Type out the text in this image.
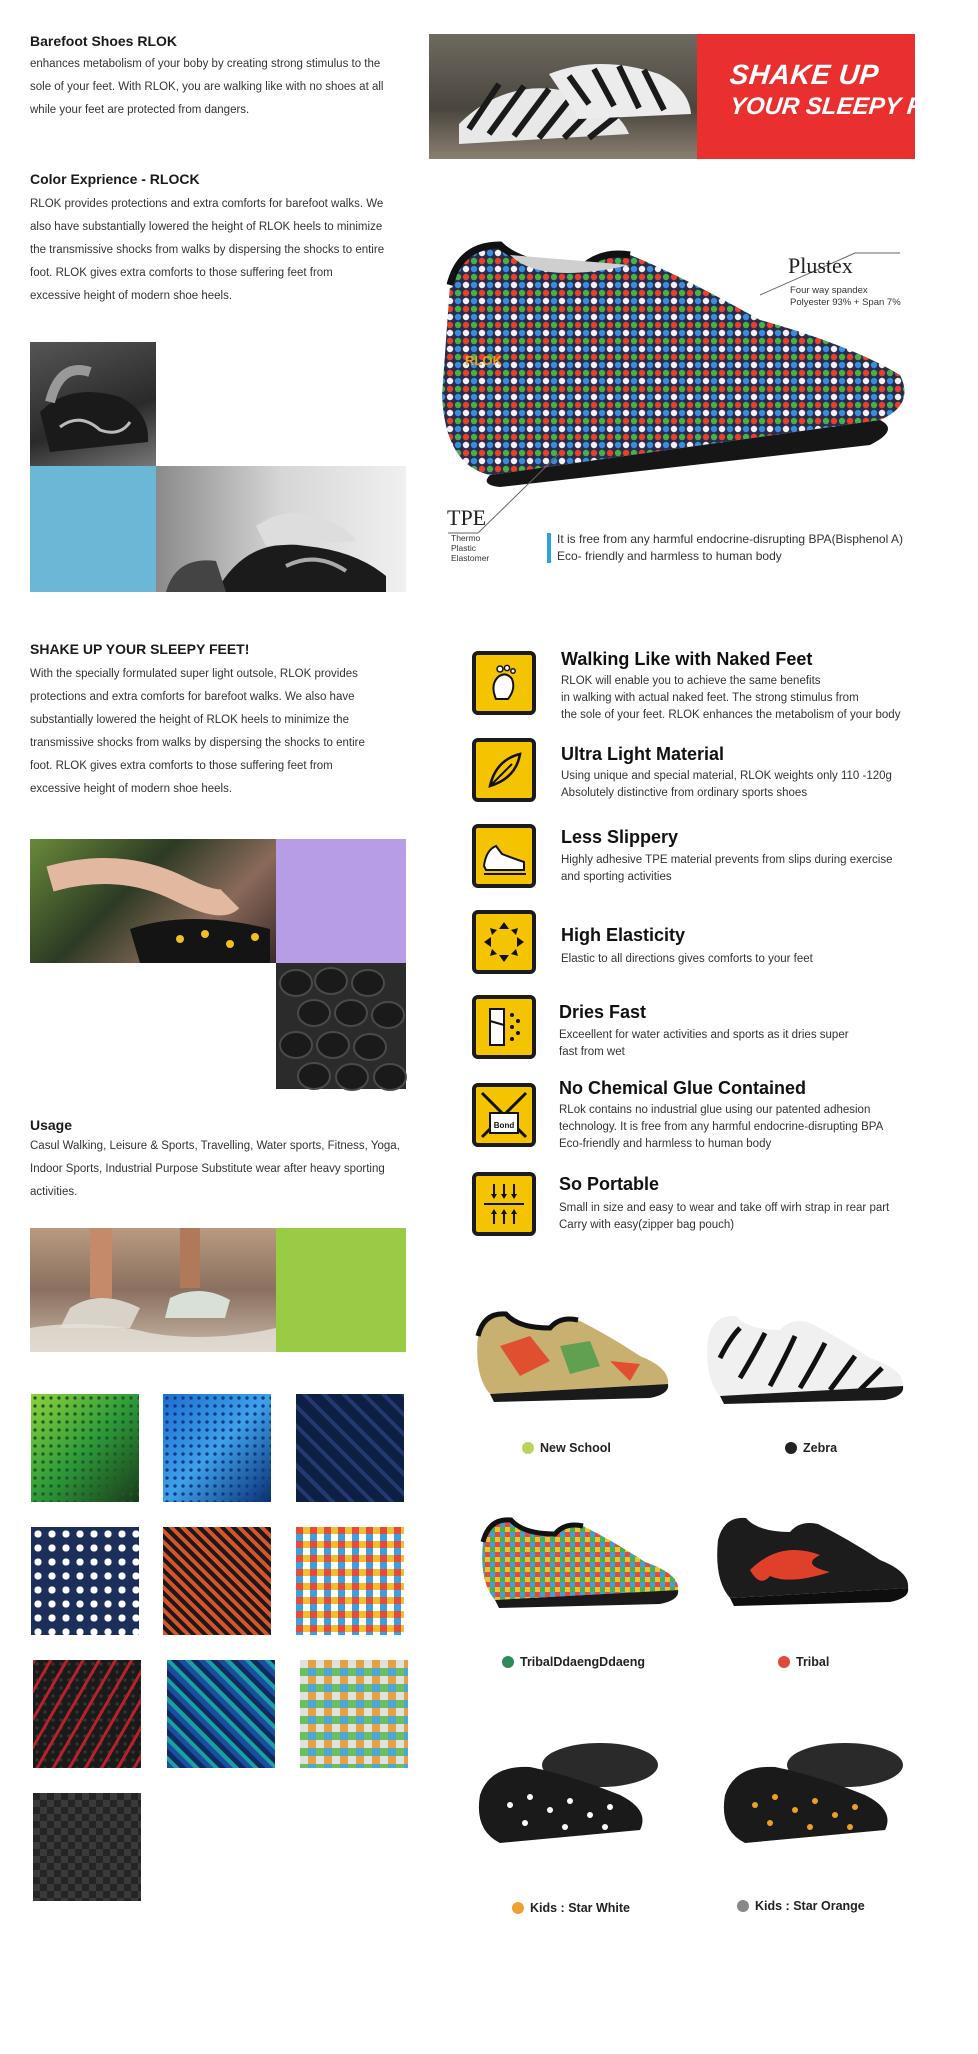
Barefoot Shoes RLOK
enhances metabolism of your boby by creating strong stimulus to the sole of your feet. With RLOK, you are walking like with no shoes at all while your feet are protected from dangers.
Color Exprience - RLOCK
RLOK provides protections and extra comforts for barefoot walks. We also have substantially lowered the height of RLOK heels to minimize the transmissive shocks from walks by dispersing the shocks to entire foot. RLOK gives extra comforts to those suffering feet from excessive height of modern shoe heels.
SHAKE UP YOUR SLEEPY FEET!
With the specially formulated super light outsole, RLOK provides protections and extra comforts for barefoot walks. We also have substantially lowered the height of RLOK heels to minimize the transmissive shocks from walks by dispersing the shocks to entire foot. RLOK gives extra comforts to those suffering feet from excessive height of modern shoe heels.
Usage
Casul Walking, Leisure & Sports, Travelling, Water sports, Fitness, Yoga, Indoor Sports, Industrial Purpose Substitute wear after heavy sporting activities.
SHAKE UP
YOUR SLEEPY FEET!
RLOK
Plustex
Four way spandex
Polyester 93% + Span 7%
TPE
Thermo
Plastic
Elastomer
It is free from any harmful endocrine-disrupting BPA(Bisphenol A)
Eco- friendly and harmless to human body
Walking Like with Naked Feet
RLOK will enable you to achieve the same benefits
in walking with actual naked feet. The strong stimulus from
the sole of your feet. RLOK enhances the metabolism of your body
Ultra Light Material
Using unique and special material, RLOK weights only 110 -120g
Absolutely distinctive from ordinary sports shoes
Less Slippery
Highly adhesive TPE material prevents from slips during exercise
and sporting activities
High Elasticity
Elastic to all directions gives comforts to your feet
Dries Fast
Exceellent for water activities and sports as it dries super
fast from wet
Bond
No Chemical Glue Contained
RLok contains no industrial glue using our patented adhesion
technology. It is free from any harmful endocrine-disrupting BPA
Eco-friendly and harmless to human body
So Portable
Small in size and easy to wear and take off wirh strap in rear part
Carry with easy(zipper bag pouch)
New School	Zebra
TribalDdaengDdaeng	Tribal
Kids : Star White	Kids : Star Orange
